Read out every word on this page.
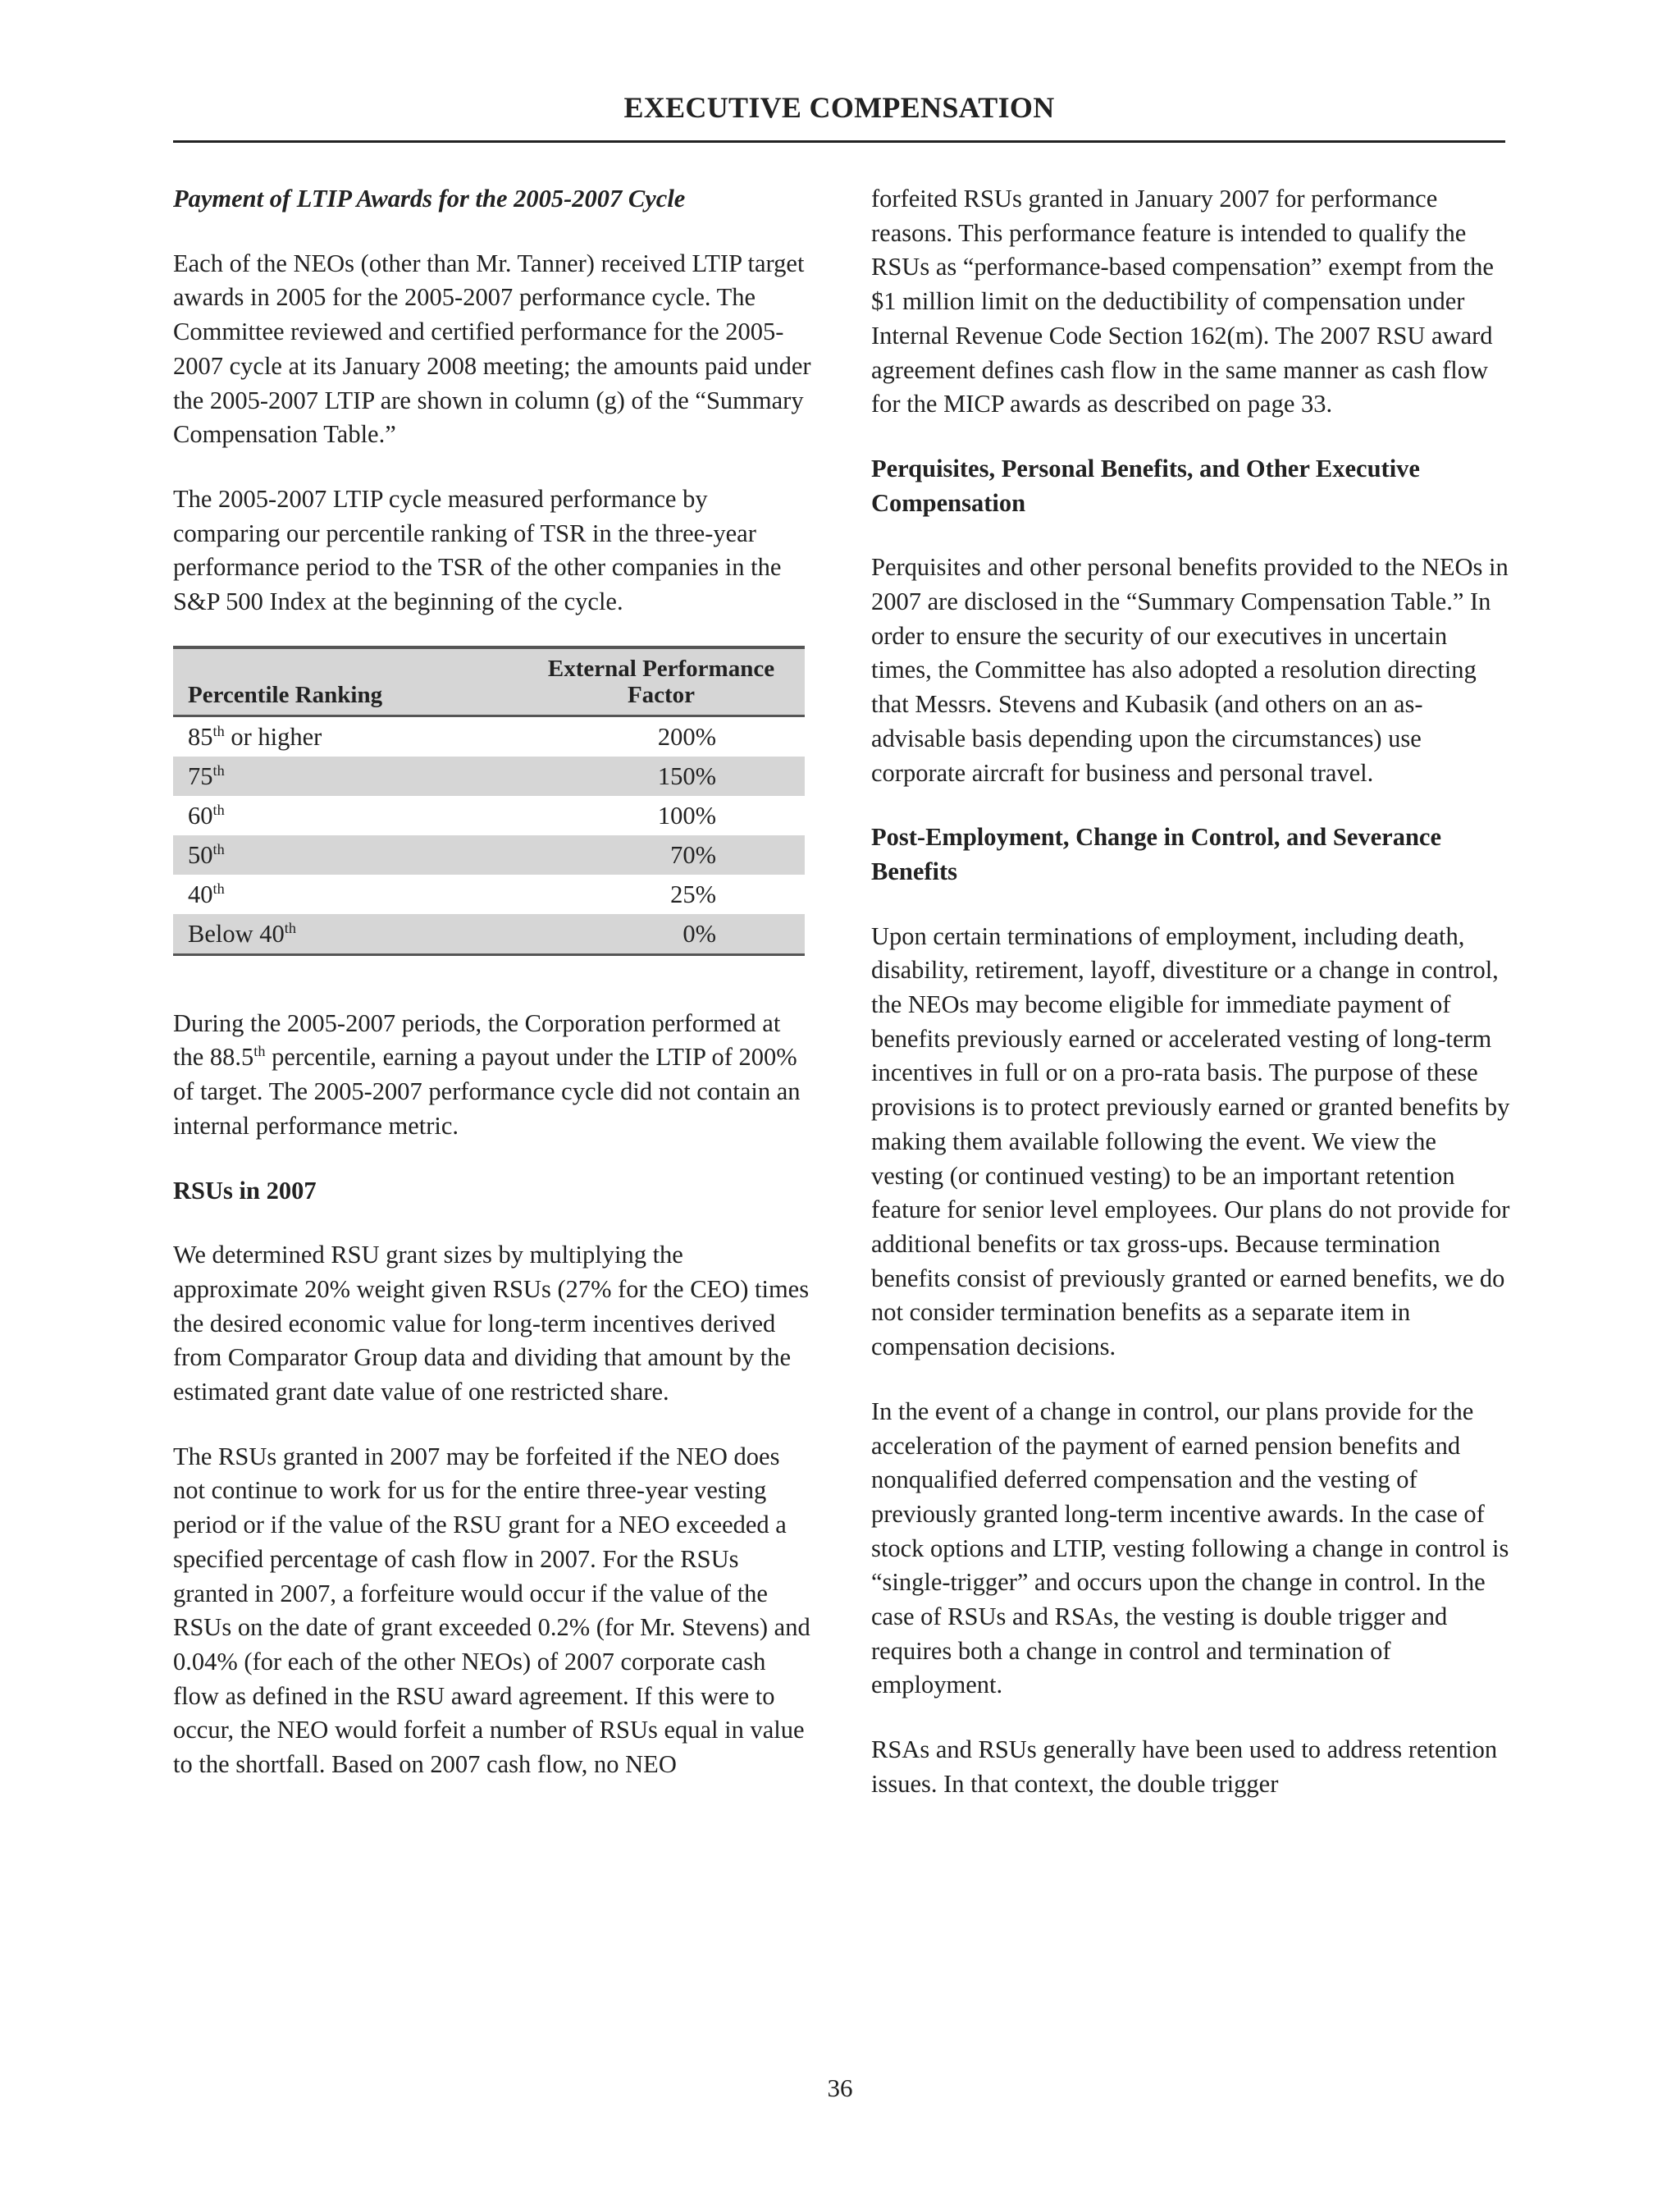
EXECUTIVE COMPENSATION
Payment of LTIP Awards for the 2005-2007 Cycle

Each of the NEOs (other than Mr. Tanner) received LTIP target awards in 2005 for the 2005-2007 performance cycle. The Committee reviewed and certified performance for the 2005-2007 cycle at its January 2008 meeting; the amounts paid under the 2005-2007 LTIP are shown in column (g) of the “Summary Compensation Table.”

The 2005-2007 LTIP cycle measured performance by comparing our percentile ranking of TSR in the three-year performance period to the TSR of the other companies in the S&P 500 Index at the beginning of the cycle.

Percentile Ranking	External Performance Factor
85th or higher	200%
75th	150%
60th	100%
50th	70%
40th	25%
Below 40th	0%

During the 2005-2007 periods, the Corporation performed at the 88.5th percentile, earning a payout under the LTIP of 200% of target. The 2005-2007 performance cycle did not contain an internal performance metric.

RSUs in 2007

We determined RSU grant sizes by multiplying the approximate 20% weight given RSUs (27% for the CEO) times the desired economic value for long-term incentives derived from Comparator Group data and dividing that amount by the estimated grant date value of one restricted share.

The RSUs granted in 2007 may be forfeited if the NEO does not continue to work for us for the entire three-year vesting period or if the value of the RSU grant for a NEO exceeded a specified percentage of cash flow in 2007. For the RSUs granted in 2007, a forfeiture would occur if the value of the RSUs on the date of grant exceeded 0.2% (for Mr. Stevens) and 0.04% (for each of the other NEOs) of 2007 corporate cash flow as defined in the RSU award agreement. If this were to occur, the NEO would forfeit a number of RSUs equal in value to the shortfall. Based on 2007 cash flow, no NEO

forfeited RSUs granted in January 2007 for performance reasons. This performance feature is intended to qualify the RSUs as “performance-based compensation” exempt from the $1 million limit on the deductibility of compensation under Internal Revenue Code Section 162(m). The 2007 RSU award agreement defines cash flow in the same manner as cash flow for the MICP awards as described on page 33.

Perquisites, Personal Benefits, and Other Executive Compensation

Perquisites and other personal benefits provided to the NEOs in 2007 are disclosed in the “Summary Compensation Table.” In order to ensure the security of our executives in uncertain times, the Committee has also adopted a resolution directing that Messrs. Stevens and Kubasik (and others on an as-advisable basis depending upon the circumstances) use corporate aircraft for business and personal travel.

Post-Employment, Change in Control, and Severance Benefits

Upon certain terminations of employment, including death, disability, retirement, layoff, divestiture or a change in control, the NEOs may become eligible for immediate payment of benefits previously earned or accelerated vesting of long-term incentives in full or on a pro-rata basis. The purpose of these provisions is to protect previously earned or granted benefits by making them available following the event. We view the vesting (or continued vesting) to be an important retention feature for senior level employees. Our plans do not provide for additional benefits or tax gross-ups. Because termination benefits consist of previously granted or earned benefits, we do not consider termination benefits as a separate item in compensation decisions.

In the event of a change in control, our plans provide for the acceleration of the payment of earned pension benefits and nonqualified deferred compensation and the vesting of previously granted long-term incentive awards. In the case of stock options and LTIP, vesting following a change in control is “single-trigger” and occurs upon the change in control. In the case of RSUs and RSAs, the vesting is double trigger and requires both a change in control and termination of employment.

RSAs and RSUs generally have been used to address retention issues. In that context, the double trigger

36
